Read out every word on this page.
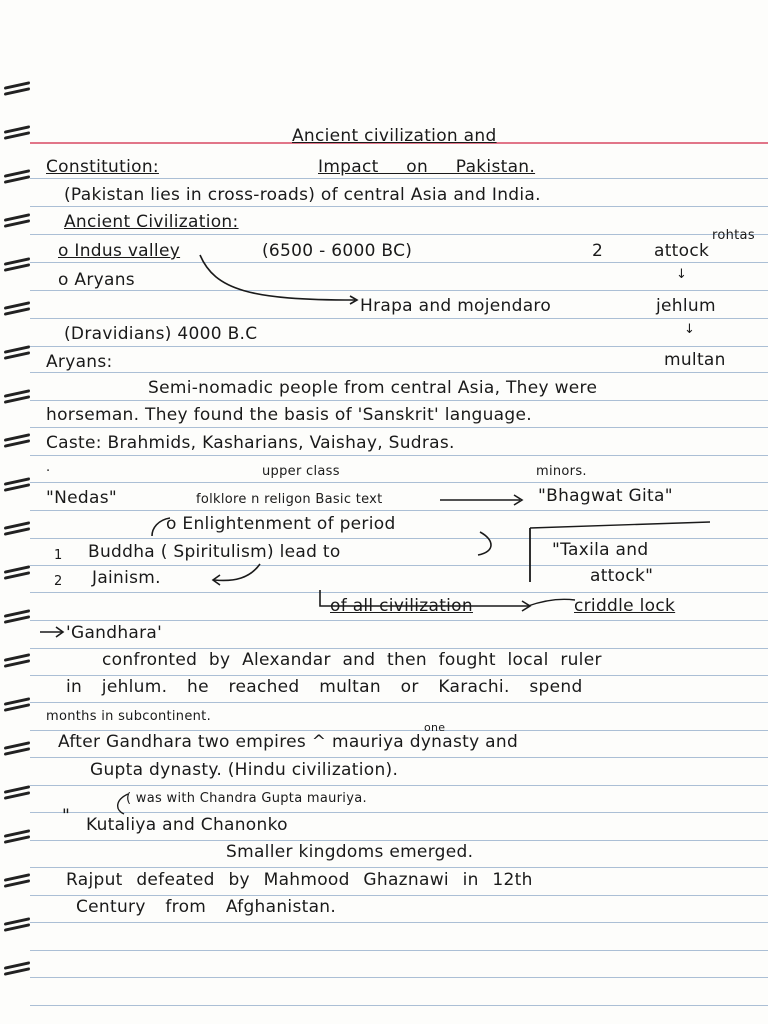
Ancient civilization and
Constitution:	Impact on Pakistan.
(Pakistan lies in cross-roads) of central Asia and India.
Ancient Civilization:
rohtas
o Indus valley	(6500 - 6000 BC)	2	attock
↓
o Aryans
Hrapa and mojendaro	jehlum
↓
(Dravidians) 4000 B.C
Aryans:	multan
Semi-nomadic people from central Asia, They were
horseman. They found the basis of 'Sanskrit' language.
Caste: Brahmids, Kasharians, Vaishay, Sudras.
.	upper class	minors.
"Nedas"	folklore n religon Basic text	"Bhagwat Gita"
o Enlightenment of period
1 Buddha ( Spiritulism) lead to	"Taxila and
2 Jainism.	attock"
of all civilization	criddle lock
'Gandhara'
confronted by Alexandar and then fought local ruler
in jehlum. he reached multan or Karachi. spend
months in subcontinent.
one
After Gandhara two empires ^ mauriya dynasty and
Gupta dynasty. (Hindu civilization).
( was with Chandra Gupta mauriya.
" Kutaliya and Chanonko
Smaller kingdoms emerged.
Rajput defeated by Mahmood Ghaznawi in 12th
Century from Afghanistan.
